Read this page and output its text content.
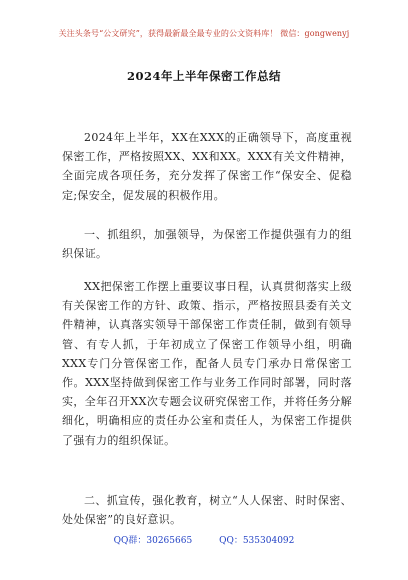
关注头条号“公文研究”，获得最新最全最专业的公文资料库！ 微信：gongwenyj
2024年上半年保密工作总结

2024年上半年，XX在XXX的正确领导下，高度重视保密工作，严格按照XX、XX和XX。XXX有关文件精神，全面完成各项任务，充分发挥了保密工作“保安全、促稳定;保安全，促发展的积极作用。

一、抓组织，加强领导，为保密工作提供强有力的组织保证。

XX把保密工作摆上重要议事日程，认真贯彻落实上级有关保密工作的方针、政策、指示，严格按照县委有关文件精神，认真落实领导干部保密工作责任制，做到有领导管、有专人抓，于年初成立了保密工作领导小组，明确XXX专门分管保密工作，配备人员专门承办日常保密工作。XXX坚持做到保密工作与业务工作同时部署，同时落实，全年召开XX次专题会议研究保密工作，并将任务分解细化，明确相应的责任办公室和责任人，为保密工作提供了强有力的组织保证。

二、抓宣传，强化教育，树立“人人保密、时时保密、处处保密”的良好意识。

QQ群：30265665	QQ：535304092
